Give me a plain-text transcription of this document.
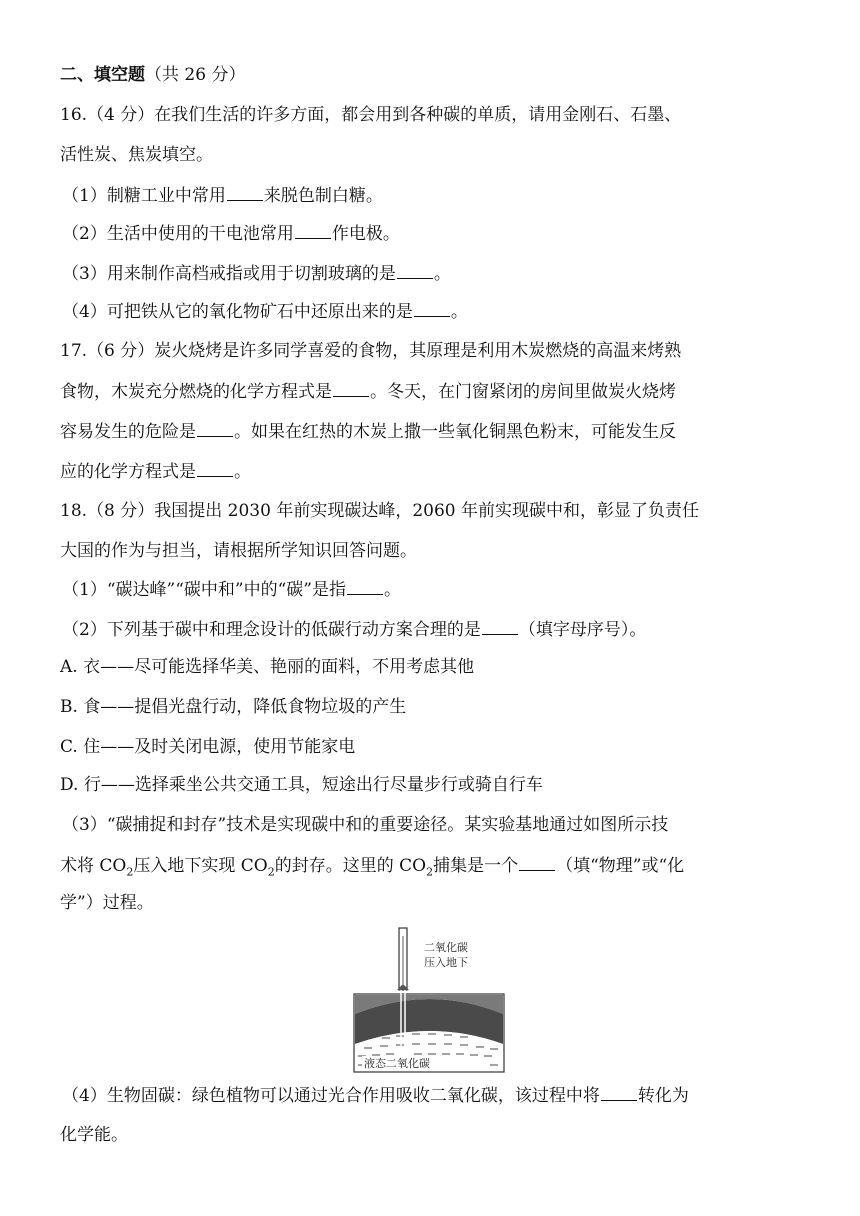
二、填空题（共 26 分）
16.（4 分）在我们生活的许多方面，都会用到各种碳的单质，请用金刚石、石墨、
活性炭、焦炭填空。
（1）制糖工业中常用 来脱色制白糖。
（2）生活中使用的干电池常用 作电极。
（3）用来制作高档戒指或用于切割玻璃的是 。
（4）可把铁从它的氧化物矿石中还原出来的是 。
17.（6 分）炭火烧烤是许多同学喜爱的食物，其原理是利用木炭燃烧的高温来烤熟
食物，木炭充分燃烧的化学方程式是 。冬天，在门窗紧闭的房间里做炭火烧烤
容易发生的危险是 。如果在红热的木炭上撒一些氧化铜黑色粉末，可能发生反
应的化学方程式是 。
18.（8 分）我国提出 2030 年前实现碳达峰，2060 年前实现碳中和，彰显了负责任
大国的作为与担当，请根据所学知识回答问题。
（1）“碳达峰”“碳中和”中的“碳”是指 。
（2）下列基于碳中和理念设计的低碳行动方案合理的是 （填字母序号）。
A. 衣——尽可能选择华美、艳丽的面料，不用考虑其他
B. 食——提倡光盘行动，降低食物垃圾的产生
C. 住——及时关闭电源，使用节能家电
D. 行——选择乘坐公共交通工具，短途出行尽量步行或骑自行车
（3）“碳捕捉和封存”技术是实现碳中和的重要途径。某实验基地通过如图所示技
术将 $CO_2$压入地下实现 $CO_2$的封存。这里的 $CO_2$捕集是一个 （填“物理”或“化
学”）过程。
二氧化碳
压入地下
液态二氧化碳
（4）生物固碳：绿色植物可以通过光合作用吸收二氧化碳，该过程中将 转化为
化学能。
